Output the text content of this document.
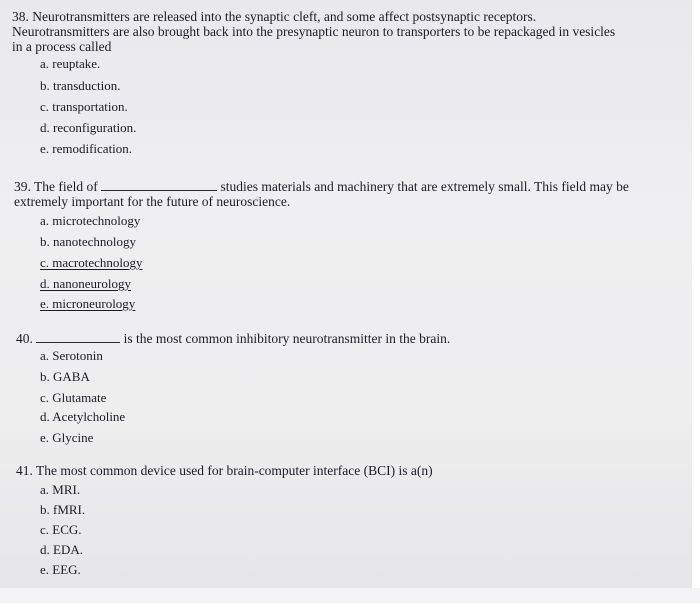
38. Neurotransmitters are released into the synaptic cleft, and some affect postsynaptic receptors.
Neurotransmitters are also brought back into the presynaptic neuron to transporters to be repackaged in vesicles
in a process called
a. reuptake.
b. transduction.
c. transportation.
d. reconfiguration.
e. remodification.
39. The field of	studies materials and machinery that are extremely small. This field may be
extremely important for the future of neuroscience.
a. microtechnology
b. nanotechnology
c. macrotechnology
d. nanoneurology
e. microneurology
40.	is the most common inhibitory neurotransmitter in the brain.
a. Serotonin
b. GABA
c. Glutamate
d. Acetylcholine
e. Glycine
41. The most common device used for brain-computer interface (BCI) is a(n)
a. MRI.
b. fMRI.
c. ECG.
d. EDA.
e. EEG.
